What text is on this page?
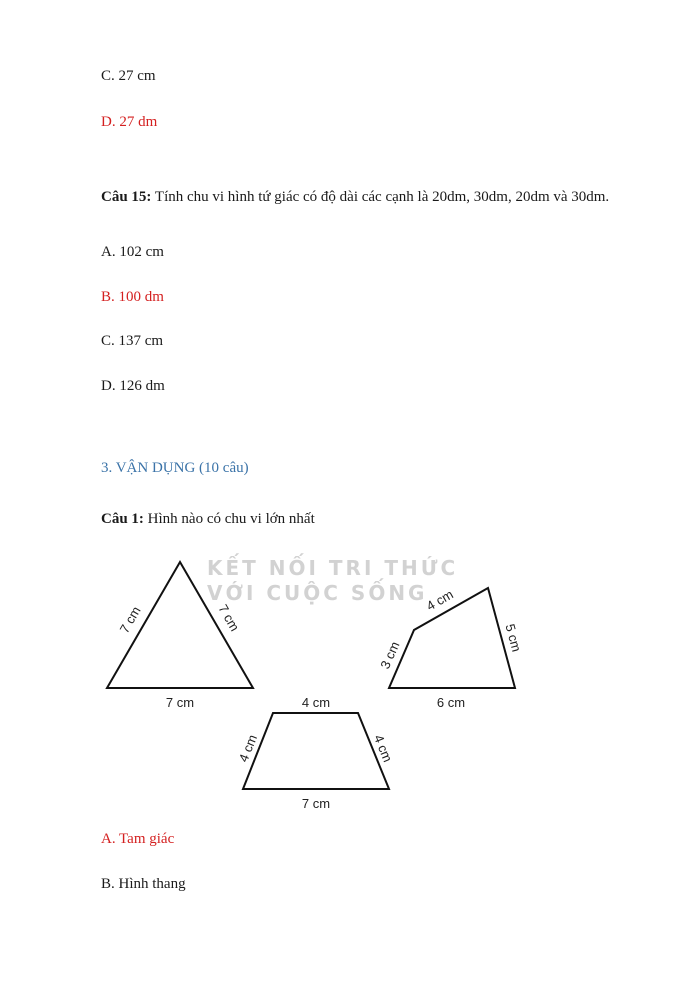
C. 27 cm
D. 27 dm
Câu 15: Tính chu vi hình tứ giác có độ dài các cạnh là 20dm, 30dm, 20dm và 30dm.
A. 102 cm
B. 100 dm
C. 137 cm
D. 126 dm
3. VẬN DỤNG (10 câu)
Câu 1: Hình nào có chu vi lớn nhất
KẾT NỐI TRI THỨC
VỚI CUỘC SỐNG
7 cm	7 cm
7 cm
3 cm
4 cm
5 cm
6 cm
4 cm
4 cm	4 cm
7 cm
A. Tam giác
B. Hình thang
